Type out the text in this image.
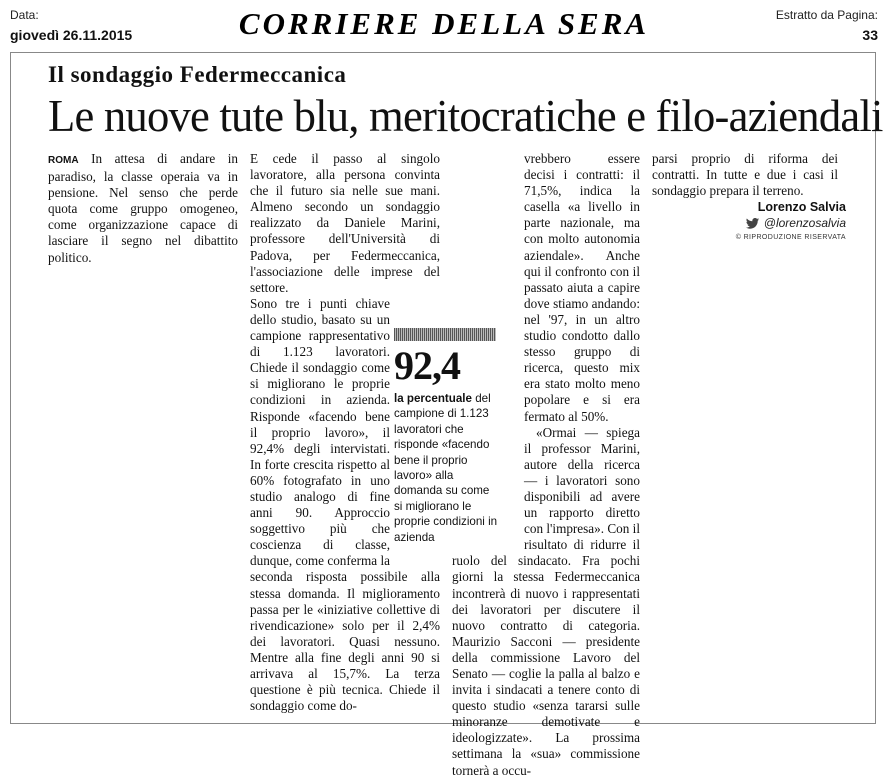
Data:
giovedì 26.11.2015	CORRIERE DELLA SERA	Estratto da Pagina:
33
Il sondaggio Federmeccanica
Le nuove tute blu, meritocratiche e filo-aziendali

ROMA In attesa di andare in paradiso, la classe operaia va in pensione. Nel senso che perde quota come gruppo omogeneo, come organizzazione capace di lasciare il segno nel dibattito politico.

E cede il passo al singolo lavoratore, alla persona convinta che il futuro sia nelle sue mani. Almeno secondo un sondaggio realizzato da Daniele Marini, professore dell'Università di Padova, per Federmeccanica, l'associazione delle imprese del settore.

Sono tre i punti chiave dello studio, basato su un campione rappresentativo di 1.123 lavoratori. Chiede il sondaggio come si migliorano le proprie condizioni in azienda. Risponde «facendo bene il proprio lavoro», il 92,4% degli intervistati. In forte crescita rispetto al 60% fotografato in uno studio analogo di fine anni 90. Approccio soggettivo più che coscienza di classe, dunque, come conferma la seconda risposta possibile alla stessa domanda. Il miglioramento passa per le «iniziative collettive di rivendicazione» solo per il 2,4% dei lavoratori. Quasi nessuno. Mentre alla fine degli anni 90 si arrivava al 15,7%. La terza questione è più tecnica. Chiede il sondaggio come do-

vrebbero essere decisi i contratti: il 71,5%, indica la casella «a livello in parte nazionale, ma con molto autonomia aziendale». Anche qui il confronto con il passato aiuta a capire dove stiamo andando: nel '97, in un altro studio condotto dallo stesso gruppo di ricerca, questo mix era stato molto meno popolare e si era fermato al 50%.

«Ormai — spiega il professor Marini, autore della ricerca — i lavoratori sono disponibili ad avere un rapporto diretto con l'impresa». Con il risultato di ridurre il ruolo del sindacato. Fra pochi giorni la stessa Federmeccanica incontrerà di nuovo i rappresentati dei lavoratori per discutere il nuovo contratto di categoria. Maurizio Sacconi — presidente della commissione Lavoro del Senato — coglie la palla al balzo e invita i sindacati a tenere conto di questo studio «senza tararsi sulle minoranze demotivate e ideologizzate». La prossima settimana la «sua» commissione tornerà a occu-

parsi proprio di riforma dei contratti. In tutte e due i casi il sondaggio prepara il terreno.

92,4
la percentuale del campione di 1.123 lavoratori che risponde «facendo bene il proprio lavoro» alla domanda su come si migliorano le proprie condizioni in azienda
Lorenzo Salvia
@lorenzosalvia
© RIPRODUZIONE RISERVATA
